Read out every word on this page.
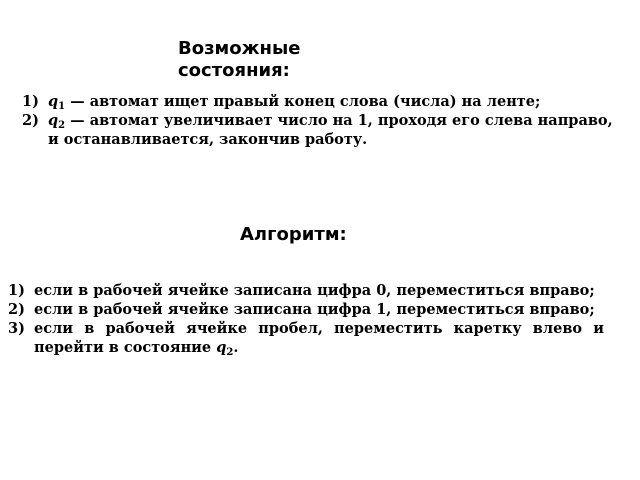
Возможные состояния:
1) $q_1$ — автомат ищет правый конец слова (числа) на ленте;
2) $q_2$ — автомат увеличивает число на 1, проходя его слева направо, и останавливается, закончив работу.
Алгоритм:
1) если в рабочей ячейке записана цифра 0, переместиться вправо;
2) если в рабочей ячейке записана цифра 1, переместиться вправо;
3) если в рабочей ячейке пробел, переместить каретку влево и перейти в состояние $q_2$.
